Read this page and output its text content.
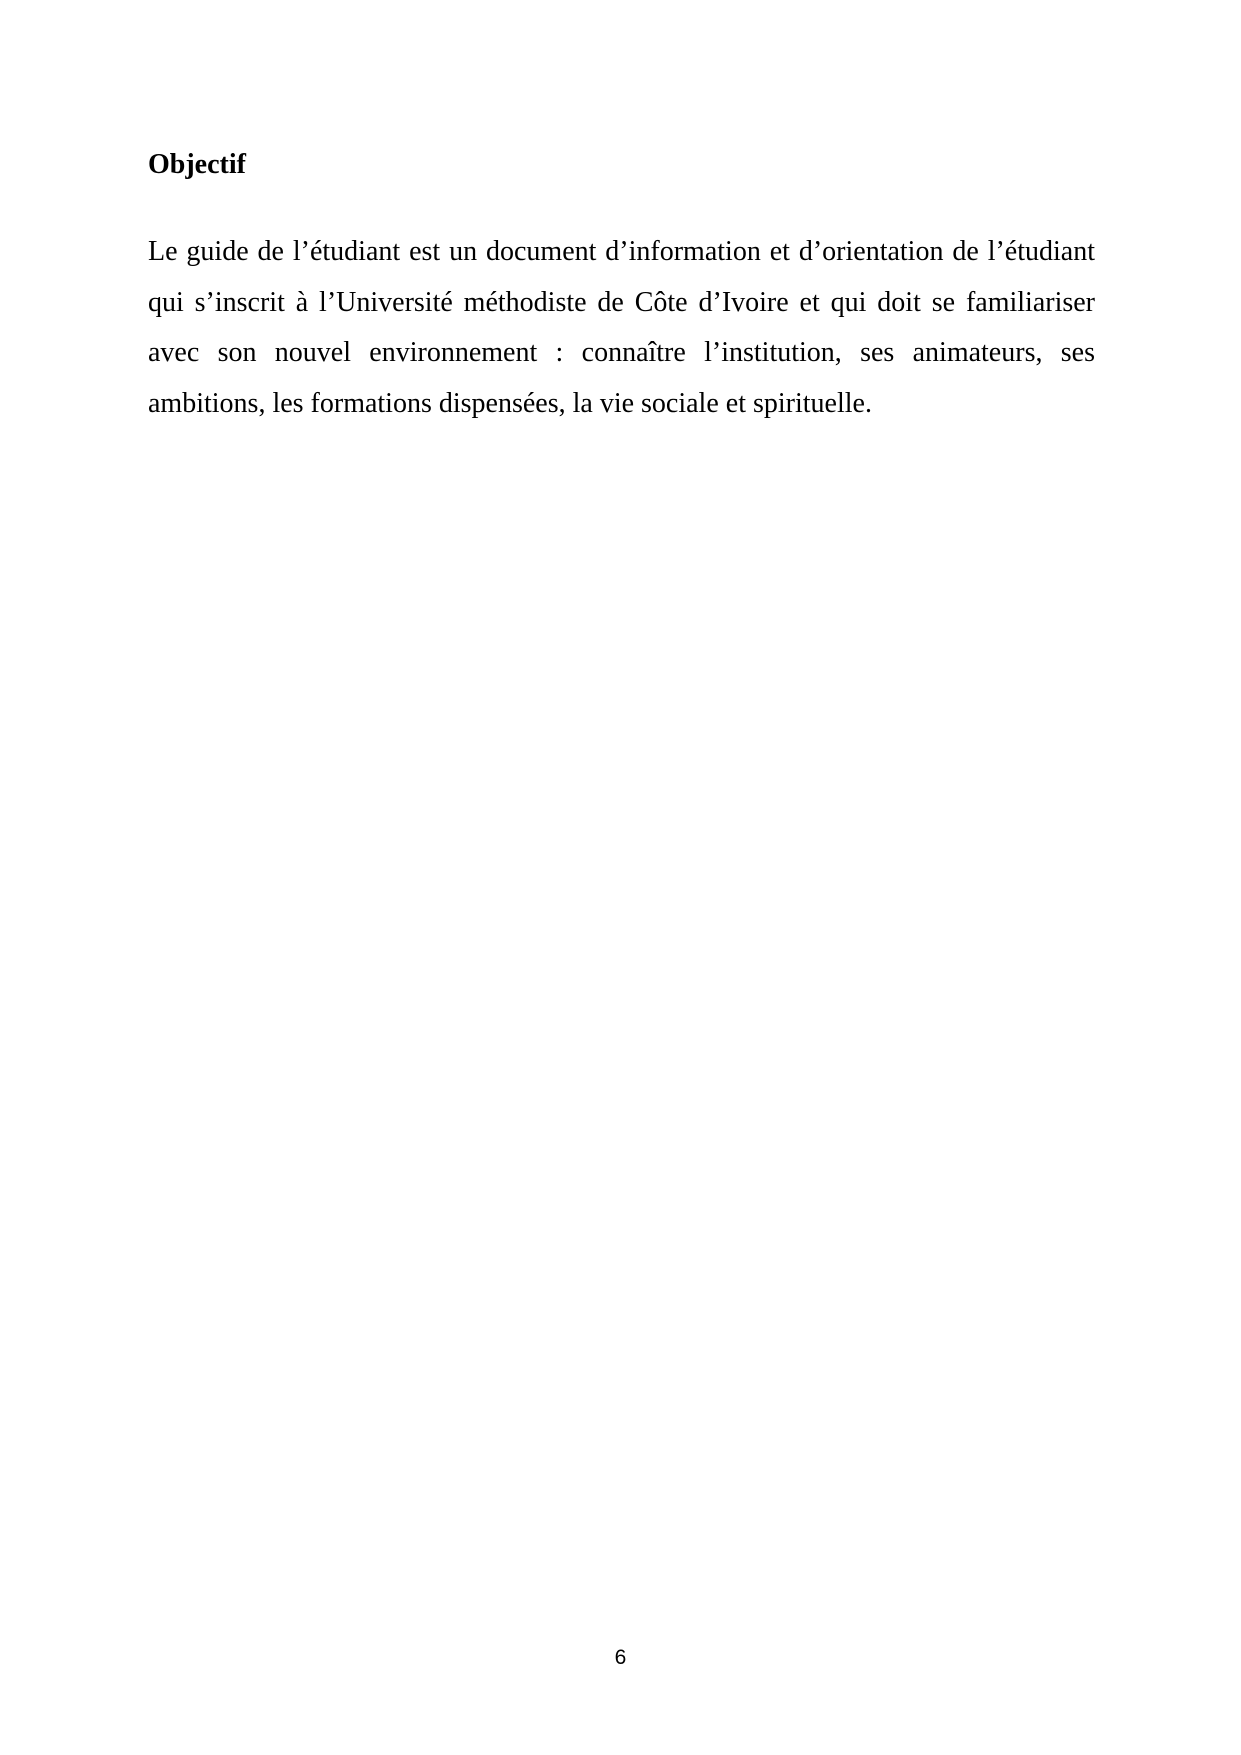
Objectif

Le guide de l’étudiant est un document d’information et d’orientation de l’étudiant qui s’inscrit à l’Université méthodiste de Côte d’Ivoire et qui doit se familiariser avec son nouvel environnement : connaître l’institution, ses animateurs, ses ambitions, les formations dispensées, la vie sociale et spirituelle.

6
